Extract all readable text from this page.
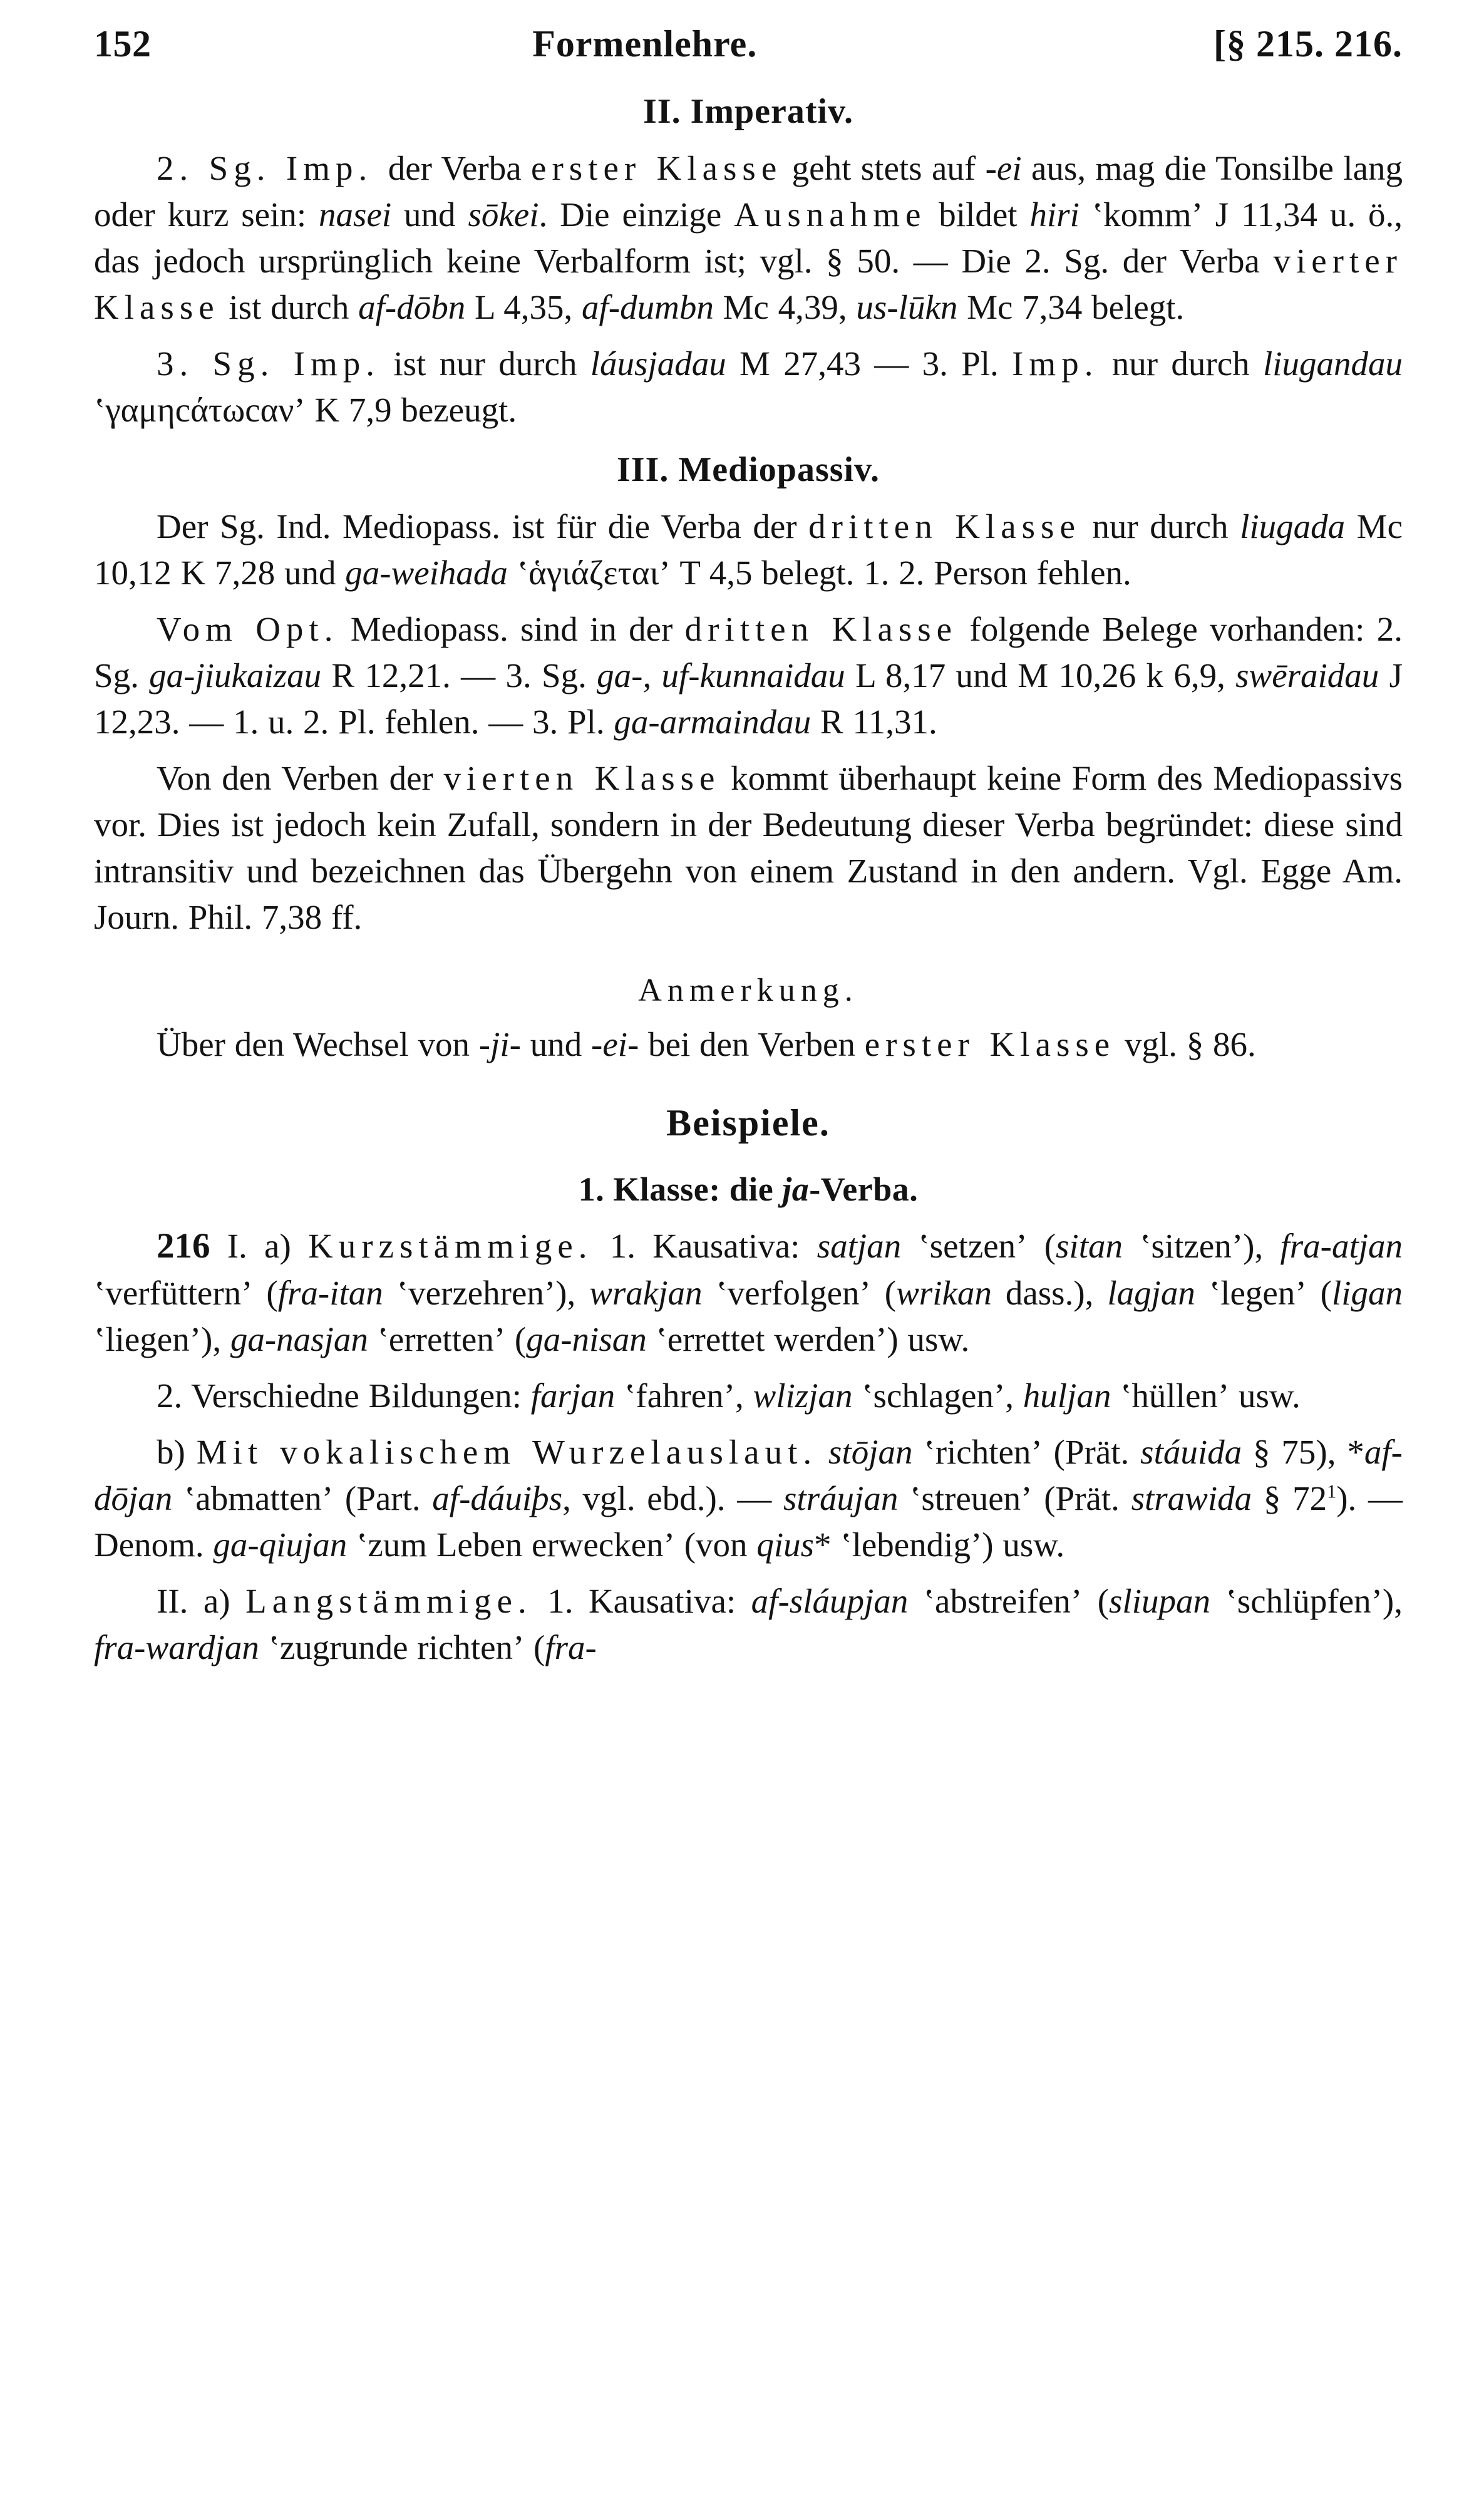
152	Formenlehre.	[§ 215. 216.
II. Imperativ.

2. Sg. Imp. der Verba erster Klasse geht stets auf -ei aus, mag die Tonsilbe lang oder kurz sein: nasei und sōkei. Die einzige Ausnahme bildet hiri ʽkommʼ J 11,34 u. ö., das jedoch ursprünglich keine Verbalform ist; vgl. § 50. — Die 2. Sg. der Verba vierter Klasse ist durch af-dōbn L 4,35, af-dumbn Mc 4,39, us-lūkn Mc 7,34 belegt.

3. Sg. Imp. ist nur durch láusjadau M 27,43 — 3. Pl. Imp. nur durch liugandau ʽγαμηcάτωcανʼ K 7,9 bezeugt.

III. Mediopassiv.

Der Sg. Ind. Mediopass. ist für die Verba der dritten Klasse nur durch liugada Mc 10,12 K 7,28 und ga-weihada ʽἁγιάζεταιʼ T 4,5 belegt. 1. 2. Person fehlen.

Vom Opt. Mediopass. sind in der dritten Klasse folgende Belege vorhanden: 2. Sg. ga-jiukaizau R 12,21. — 3. Sg. ga-, uf-kunnaidau L 8,17 und M 10,26 k 6,9, swēraidau J 12,23. — 1. u. 2. Pl. fehlen. — 3. Pl. ga-armaindau R 11,31.

Von den Verben der vierten Klasse kommt überhaupt keine Form des Mediopassivs vor. Dies ist jedoch kein Zufall, sondern in der Bedeutung dieser Verba begründet: diese sind intransitiv und bezeichnen das Übergehn von einem Zustand in den andern. Vgl. Egge Am. Journ. Phil. 7,38 ff.

Anmerkung.

Über den Wechsel von -ji- und -ei- bei den Verben erster Klasse vgl. § 86.

Beispiele.
1. Klasse: die ja-Verba.

216 I. a) Kurzstämmige. 1. Kausativa: satjan ʽsetzenʼ (sitan ʽsitzenʼ), fra-atjan ʽverfütternʼ (fra-itan ʽverzehrenʼ), wrakjan ʽverfolgenʼ (wrikan dass.), lagjan ʽlegenʼ (ligan ʽliegenʼ), ga-nasjan ʽerrettenʼ (ga-nisan ʽerrettet werdenʼ) usw.

2. Verschiedne Bildungen: farjan ʽfahrenʼ, wlizjan ʽschlagenʼ, huljan ʽhüllenʼ usw.

b) Mit vokalischem Wurzelauslaut. stōjan ʽrichtenʼ (Prät. stáuida § 75), *af-dōjan ʽabmattenʼ (Part. af-dáuiþs, vgl. ebd.). — stráujan ʽstreuenʼ (Prät. strawida § 72$^1$). — Denom. ga-qiujan ʽzum Leben erweckenʼ (von qius* ʽlebendigʼ) usw.

II. a) Langstämmige. 1. Kausativa: af-sláupjan ʽabstreifenʼ (sliupan ʽschlüpfenʼ), fra-wardjan ʽzugrunde richtenʼ (fra-
